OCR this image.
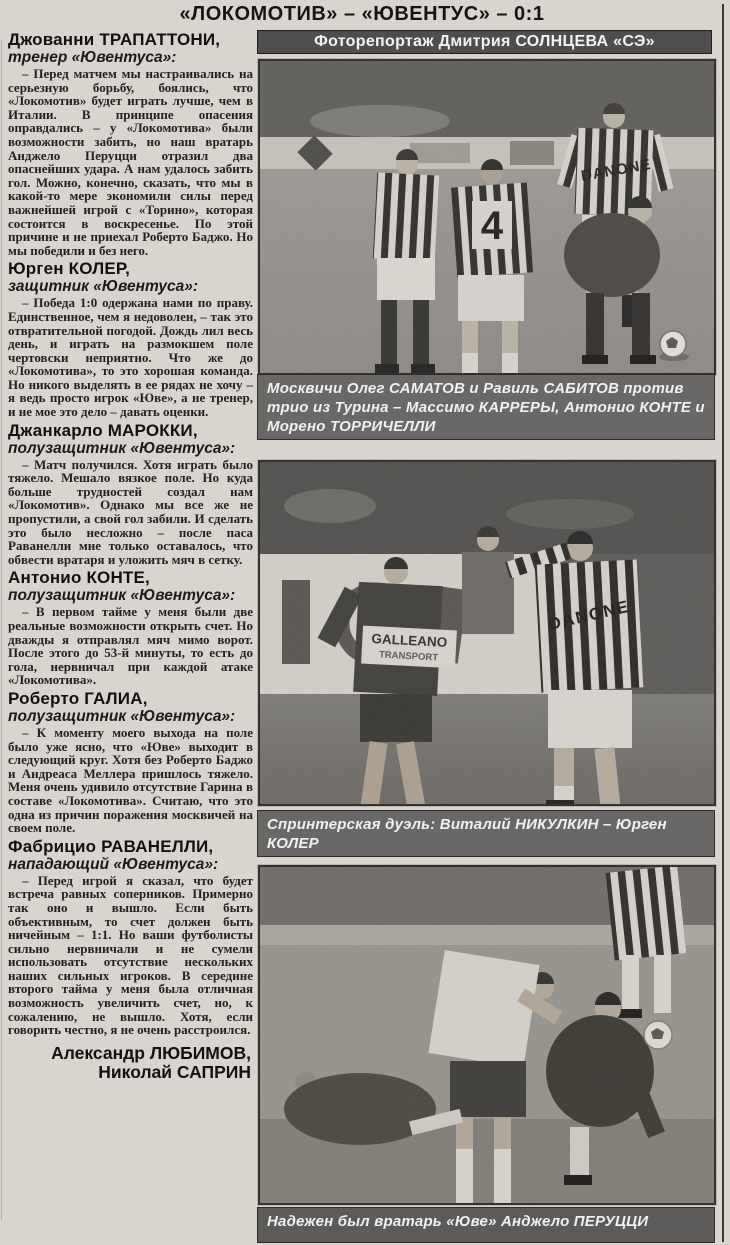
«ЛОКОМОТИВ» – «ЮВЕНТУС» – 0:1
Джованни ТРАПАТТОНИ,
тренер «Ювентуса»:

– Перед матчем мы настраивались на серьезную борьбу, боялись, что «Локомотив» будет играть лучше, чем в Италии. В принципе опасения оправдались – у «Локомотива» были возможности забить, но наш вратарь Анджело Перуцци отразил два опаснейших удара. А нам удалось забить гол. Можно, конечно, сказать, что мы в какой-то мере экономили силы перед важнейшей игрой с «Торино», которая состоится в воскресенье. По этой причине и не приехал Роберто Баджо. Но мы победили и без него.

Юрген КОЛЕР,
защитник «Ювентуса»:

– Победа 1:0 одержана нами по праву. Единственное, чем я недоволен, – так это отвратительной погодой. Дождь лил весь день, и играть на размокшем поле чертовски неприятно. Что же до «Локомотива», то это хорошая команда. Но никого выделять в ее рядах не хочу – я ведь просто игрок «Юве», а не тренер, и не мое это дело – давать оценки.

Джанкарло МАРОККИ,
полузащитник «Ювентуса»:

– Матч получился. Хотя играть было тяжело. Мешало вязкое поле. Но куда больше трудностей создал нам «Локомотив». Однако мы все же не пропустили, а свой гол забили. И сделать это было несложно – после паса Раванелли мне только оставалось, что обвести вратаря и уложить мяч в сетку.

Антонио КОНТЕ,
полузащитник «Ювентуса»:

– В первом тайме у меня были две реальные возможности открыть счет. Но дважды я отправлял мяч мимо ворот. После этого до 53-й минуты, то есть до гола, нервничал при каждой атаке «Локомотива».

Роберто ГАЛИА,
полузащитник «Ювентуса»:

– К моменту моего выхода на поле было уже ясно, что «Юве» выходит в следующий круг. Хотя без Роберто Баджо и Андреаса Меллера пришлось тяжело. Меня очень удивило отсутствие Гарина в составе «Локомотива». Считаю, что это одна из причин поражения москвичей на своем поле.

Фабрицио РАВАНЕЛЛИ,
нападающий «Ювентуса»:

– Перед игрой я сказал, что будет встреча равных соперников. Примерно так оно и вышло. Если быть объективным, то счет должен быть ничейным – 1:1. Но ваши футболисты сильно нервничали и не сумели использовать отсутствие нескольких наших сильных игроков. В середине второго тайма у меня была отличная возможность увеличить счет, но, к сожалению, не вышло. Хотя, если говорить честно, я не очень расстроился.

Александр ЛЮБИМОВ,
Николай САПРИН
Фоторепортаж Дмитрия СОЛНЦЕВА «СЭ»
4
DANONE
Москвичи Олег САМАТОВ и Равиль САБИТОВ против трио из Турина – Массимо КАРРЕРЫ, Антонио КОНТЕ и Морено ТОРРИЧЕЛЛИ
GALLEANO
TRANSPORT
DANONE
Спринтерская дуэль: Виталий НИКУЛКИН – Юрген КОЛЕР
Надежен был вратарь «Юве» Анджело ПЕРУЦЦИ
